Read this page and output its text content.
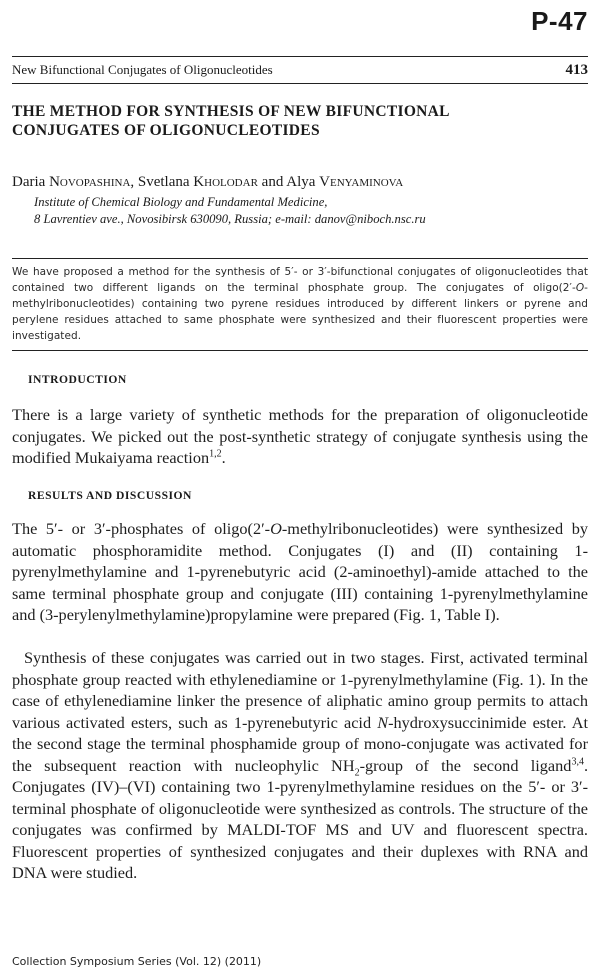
P-47
New Bifunctional Conjugates of Oligonucleotides	413
THE METHOD FOR SYNTHESIS OF NEW BIFUNCTIONAL
CONJUGATES OF OLIGONUCLEOTIDES
Daria Novopashina, Svetlana Kholodar and Alya Venyaminova
Institute of Chemical Biology and Fundamental Medicine,
8 Lavrentiev ave., Novosibirsk 630090, Russia; e-mail: danov@niboch.nsc.ru
We have proposed a method for the synthesis of 5′- or 3′-bifunctional conjugates of oligonucleotides that contained two different ligands on the terminal phosphate group. The conjugates of oligo(2′-O-methylribonucleotides) containing two pyrene residues introduced by different linkers or pyrene and perylene residues attached to same phosphate were synthesized and their fluorescent properties were investigated.
INTRODUCTION

There is a large variety of synthetic methods for the preparation of oligonucleotide conjugates. We picked out the post-synthetic strategy of conjugate synthesis using the modified Mukaiyama reaction$^{1,2}$.

RESULTS AND DISCUSSION

The 5′- or 3′-phosphates of oligo(2′-O-methylribonucleotides) were synthesized by automatic phosphoramidite method. Conjugates (I) and (II) containing 1-pyrenylmethylamine and 1-pyrenebutyric acid (2-aminoethyl)-amide attached to the same terminal phosphate group and conjugate (III) containing 1-pyrenylmethylamine and (3-perylenylmethylamine)propylamine were prepared (Fig. 1, Table I).

Synthesis of these conjugates was carried out in two stages. First, activated terminal phosphate group reacted with ethylenediamine or 1-pyrenylmethylamine (Fig. 1). In the case of ethylenediamine linker the presence of aliphatic amino group permits to attach various activated esters, such as 1-pyrenebutyric acid N-hydroxysuccinimide ester. At the second stage the terminal phosphamide group of mono-conjugate was activated for the subsequent reaction with nucleophylic $NH_2$-group of the second ligand$^{3,4}$. Conjugates (IV)–(VI) containing two 1-pyrenylmethylamine residues on the 5′- or 3′-terminal phosphate of oligonucleotide were synthesized as controls. The structure of the conjugates was confirmed by MALDI-TOF MS and UV and fluorescent spectra. Fluorescent properties of synthesized conjugates and their duplexes with RNA and DNA were studied.

Collection Symposium Series (Vol. 12) (2011)
